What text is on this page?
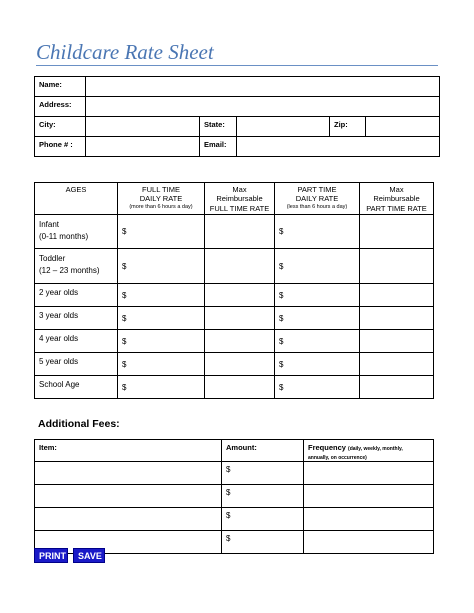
Childcare Rate Sheet
Name:					
Address:					
City:		State:		Zip:	
Phone # :		Email:			
AGES	FULL TIME
DAILY RATE
(more than 6 hours a day)	Max
Reimbursable
FULL TIME RATE	PART TIME
DAILY RATE
(less than 6 hours a day)	Max
Reimbursable
PART TIME RATE
Infant
(0-11 months)	$		$	
Toddler
(12 – 23 months)	$		$	
2 year olds	$		$	
3 year olds	$		$	
4 year olds	$		$	
5 year olds	$		$	
School Age	$		$	
Additional Fees:
Item:	Amount:	Frequency (daily, weekly, monthly,
annually, on occurrence)
	$	
	$	
	$	
	$	
PRINT	SAVE
